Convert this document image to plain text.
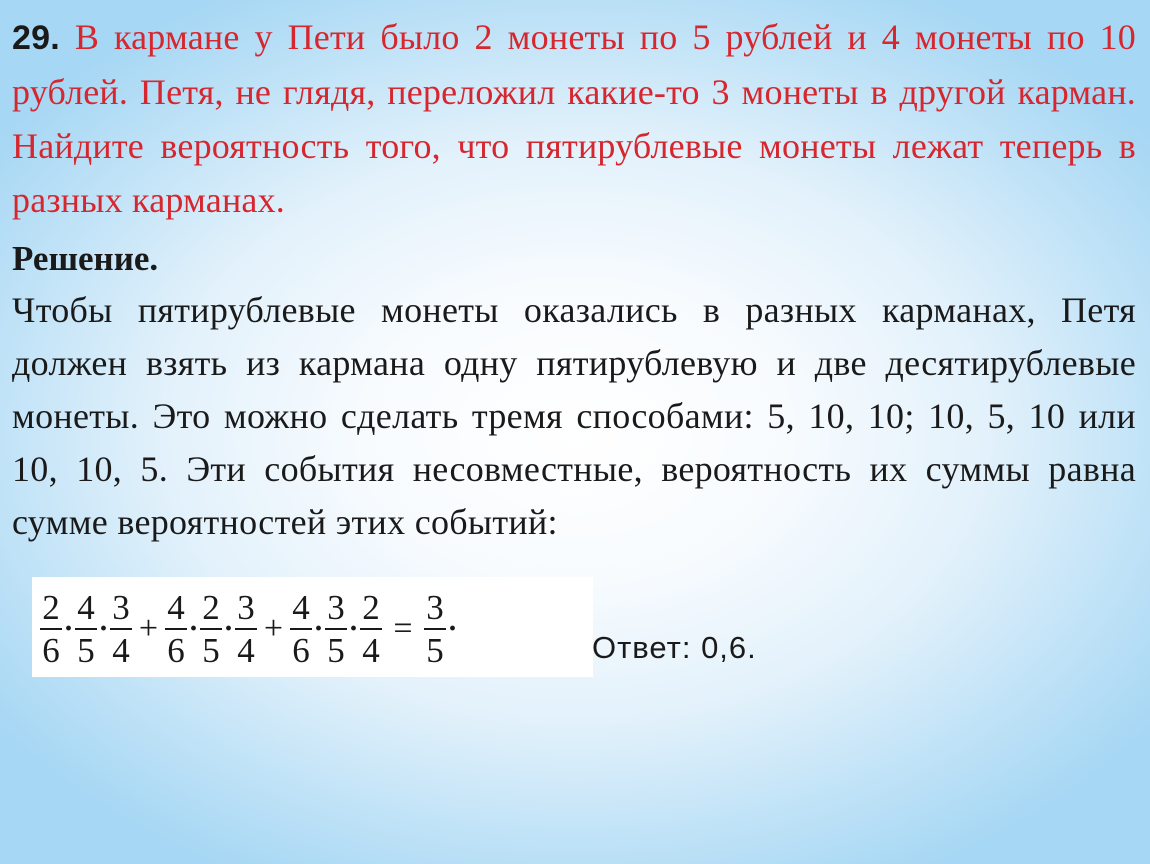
29. В кармане у Пети было 2 монеты по 5 рублей и 4 монеты по 10 рублей. Петя, не глядя, переложил какие-то 3 монеты в другой карман. Найдите вероятность того, что пятирублевые монеты лежат теперь в разных карманах.
Решение.
Чтобы пятирублевые монеты оказались в разных карманах, Петя должен взять из кармана одну пятирублевую и две десятирублевые монеты. Это можно сделать тремя способами: 5, 10, 10; 10, 5, 10 или 10, 10, 5. Эти события несовместные, вероятность их суммы равна сумме вероятностей этих событий:
$\frac{2}{6} \cdot \frac{4}{5} \cdot \frac{3}{4} + \frac{4}{6} \cdot \frac{2}{5} \cdot \frac{3}{4} + \frac{4}{6} \cdot \frac{3}{5} \cdot \frac{2}{4} = \frac{3}{5}$ ·
Ответ: 0,6.
